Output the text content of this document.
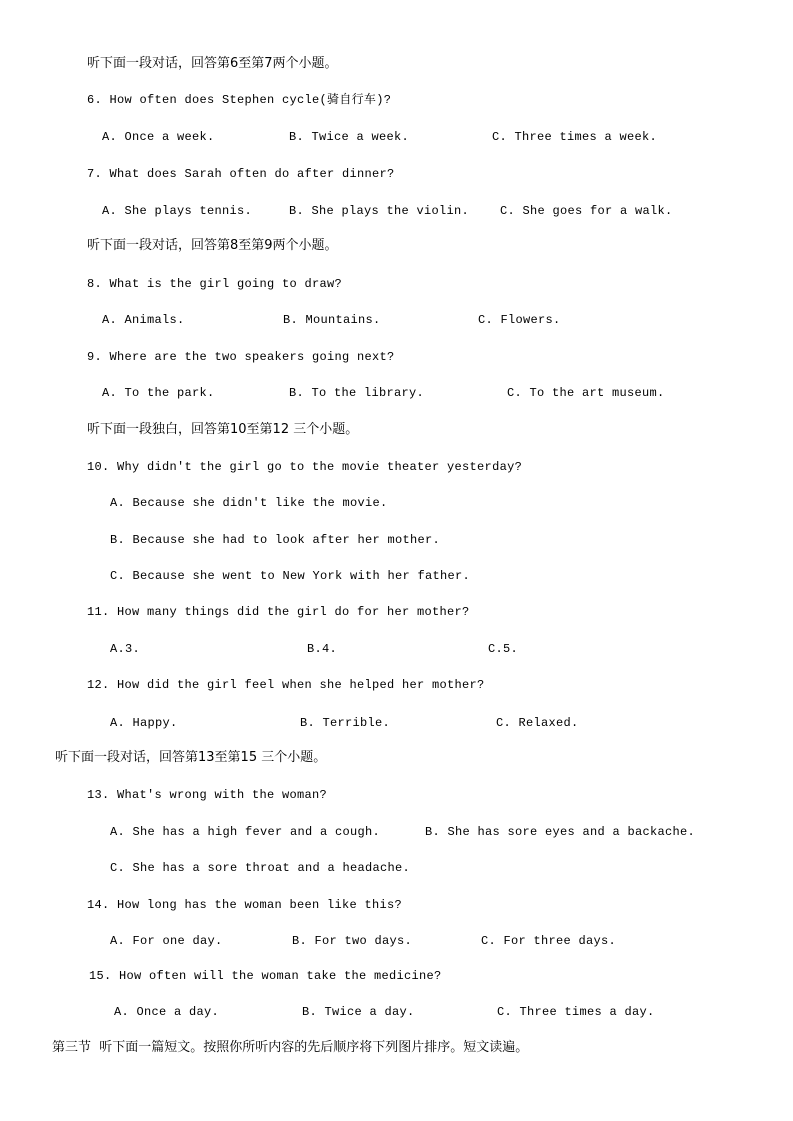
听下面一段对话，回答第6至第7两个小题。
6. How often does Stephen cycle(骑自行车)?
A. Once a week.	B. Twice a week.	C. Three times a week.
7. What does Sarah often do after dinner?
A. She plays tennis.	B. She plays the violin.	C. She goes for a walk.
听下面一段对话，回答第8至第9两个小题。
8. What is the girl going to draw?
A. Animals.	B. Mountains.	C. Flowers.
9. Where are the two speakers going next?
A. To the park.	B. To the library.	C. To the art museum.
听下面一段独白，回答第10至第12 三个小题。
10. Why didn't the girl go to the movie theater yesterday?
A. Because she didn't like the movie.
B. Because she had to look after her mother.
C. Because she went to New York with her father.
11. How many things did the girl do for her mother?
A.3.	B.4.	C.5.
12. How did the girl feel when she helped her mother?
A. Happy.	B. Terrible.	C. Relaxed.
听下面一段对话，回答第13至第15 三个小题。
13. What's wrong with the woman?
A. She has a high fever and a cough.	B. She has sore eyes and a backache.
C. She has a sore throat and a headache.
14. How long has the woman been like this?
A. For one day.	B. For two days.	C. For three days.
15. How often will the woman take the medicine?
A. Once a day.	B. Twice a day.	C. Three times a day.
第三节  听下面一篇短文。按照你所听内容的先后顺序将下列图片排序。短文读遍。
